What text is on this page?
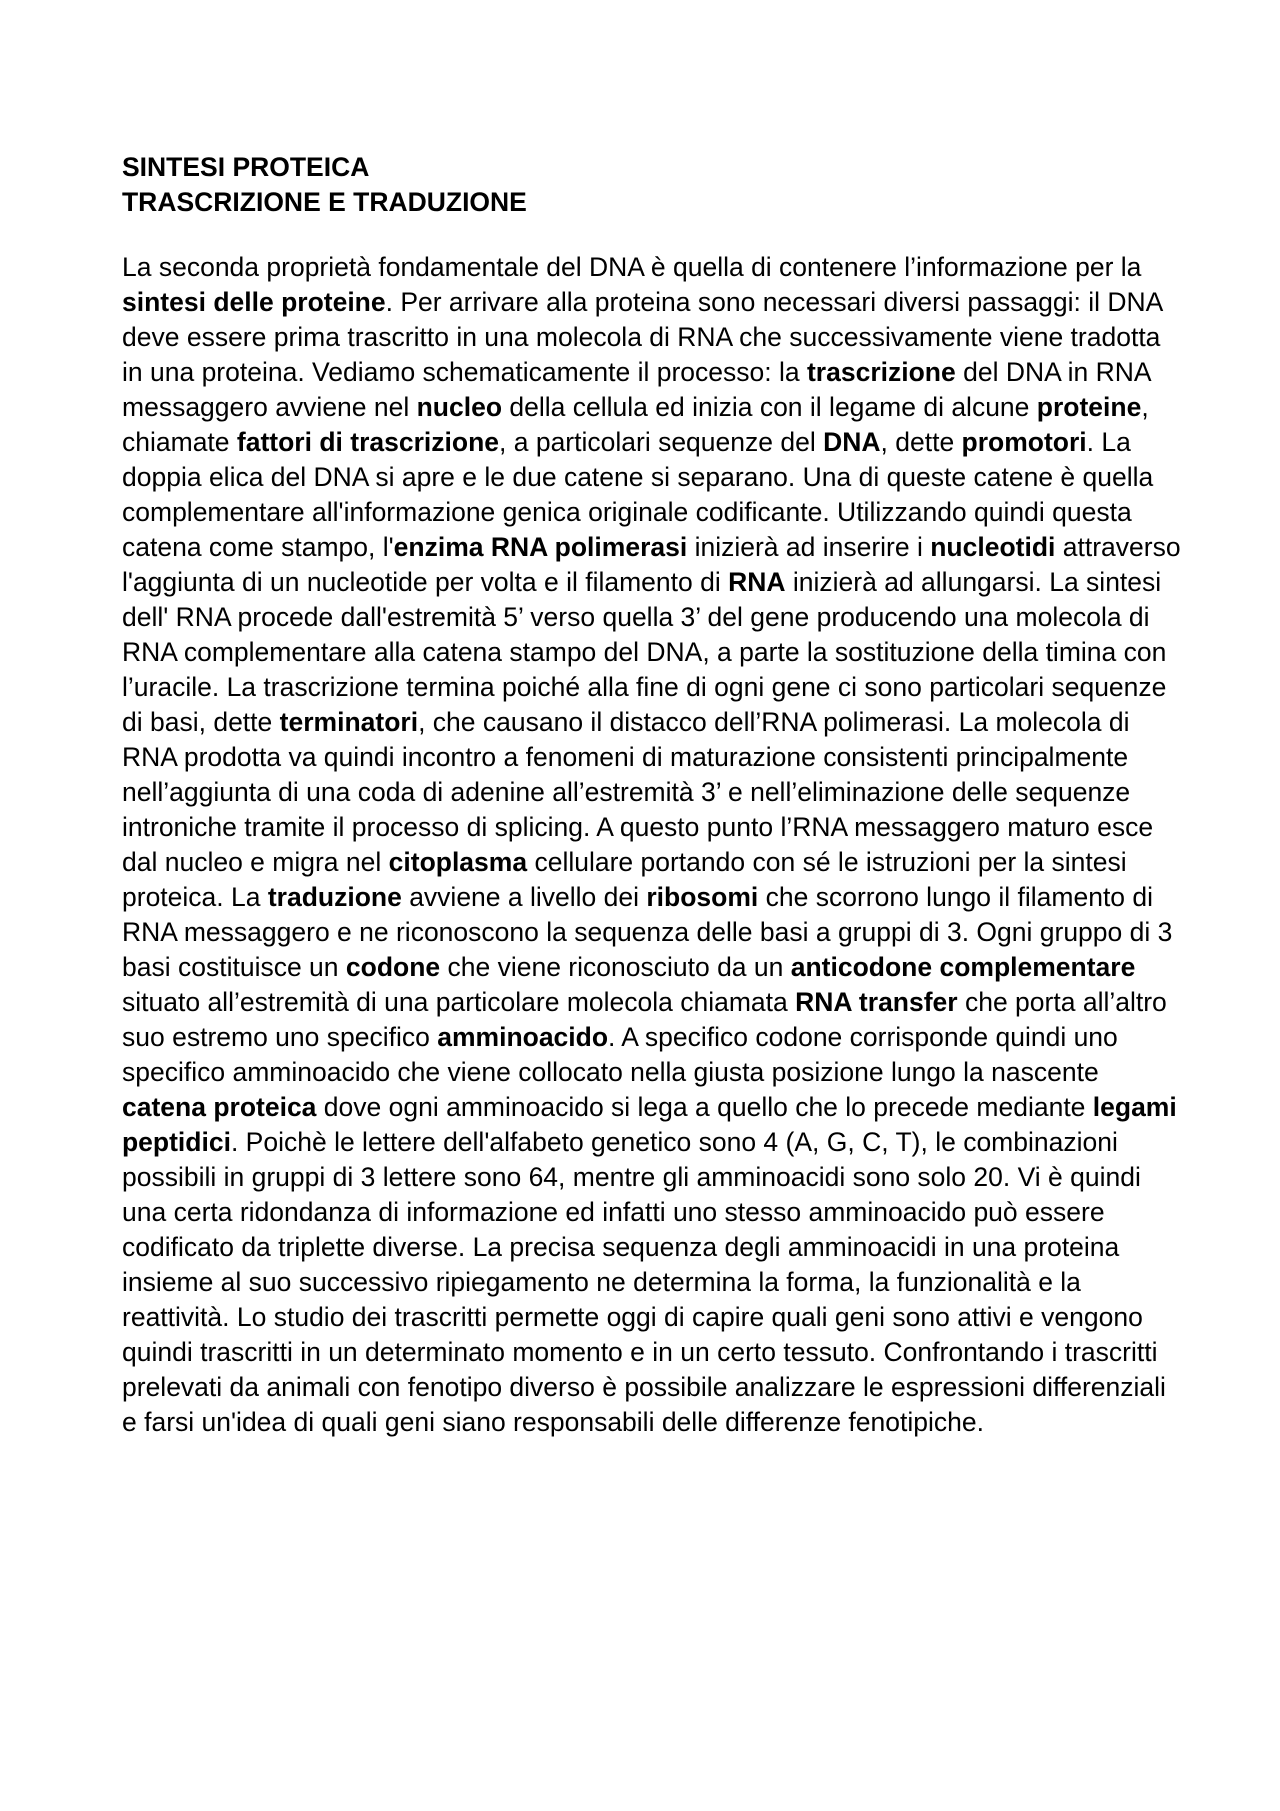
SINTESI PROTEICA
TRASCRIZIONE E TRADUZIONE

La seconda proprietà fondamentale del DNA è quella di contenere l’informazione per la sintesi delle proteine. Per arrivare alla proteina sono necessari diversi passaggi: il DNA deve essere prima trascritto in una molecola di RNA che successivamente viene tradotta in una proteina. Vediamo schematicamente il processo: la trascrizione del DNA in RNA messaggero avviene nel nucleo della cellula ed inizia con il legame di alcune proteine, chiamate fattori di trascrizione, a particolari sequenze del DNA, dette promotori. La doppia elica del DNA si apre e le due catene si separano. Una di queste catene è quella complementare all'informazione genica originale codificante. Utilizzando quindi questa catena come stampo, l'enzima RNA polimerasi inizierà ad inserire i nucleotidi attraverso l'aggiunta di un nucleotide per volta e il filamento di RNA inizierà ad allungarsi. La sintesi dell' RNA procede dall'estremità 5’ verso quella 3’ del gene producendo una molecola di RNA complementare alla catena stampo del DNA, a parte la sostituzione della timina con l’uracile. La trascrizione termina poiché alla fine di ogni gene ci sono particolari sequenze di basi, dette terminatori, che causano il distacco dell’RNA polimerasi. La molecola di RNA prodotta va quindi incontro a fenomeni di maturazione consistenti principalmente nell’aggiunta di una coda di adenine all’estremità 3’ e nell’eliminazione delle sequenze introniche tramite il processo di splicing. A questo punto l’RNA messaggero maturo esce dal nucleo e migra nel citoplasma cellulare portando con sé le istruzioni per la sintesi proteica. La traduzione avviene a livello dei ribosomi che scorrono lungo il filamento di RNA messaggero e ne riconoscono la sequenza delle basi a gruppi di 3. Ogni gruppo di 3 basi costituisce un codone che viene riconosciuto da un anticodone complementare situato all’estremità di una particolare molecola chiamata RNA transfer che porta all’altro suo estremo uno specifico amminoacido. A specifico codone corrisponde quindi uno specifico amminoacido che viene collocato nella giusta posizione lungo la nascente catena proteica dove ogni amminoacido si lega a quello che lo precede mediante legami peptidici. Poichè le lettere dell'alfabeto genetico sono 4 (A, G, C, T), le combinazioni possibili in gruppi di 3 lettere sono 64, mentre gli amminoacidi sono solo 20. Vi è quindi una certa ridondanza di informazione ed infatti uno stesso amminoacido può essere codificato da triplette diverse. La precisa sequenza degli amminoacidi in una proteina insieme al suo successivo ripiegamento ne determina la forma, la funzionalità e la reattività. Lo studio dei trascritti permette oggi di capire quali geni sono attivi e vengono quindi trascritti in un determinato momento e in un certo tessuto. Confrontando i trascritti prelevati da animali con fenotipo diverso è possibile analizzare le espressioni differenziali e farsi un'idea di quali geni siano responsabili delle differenze fenotipiche.
